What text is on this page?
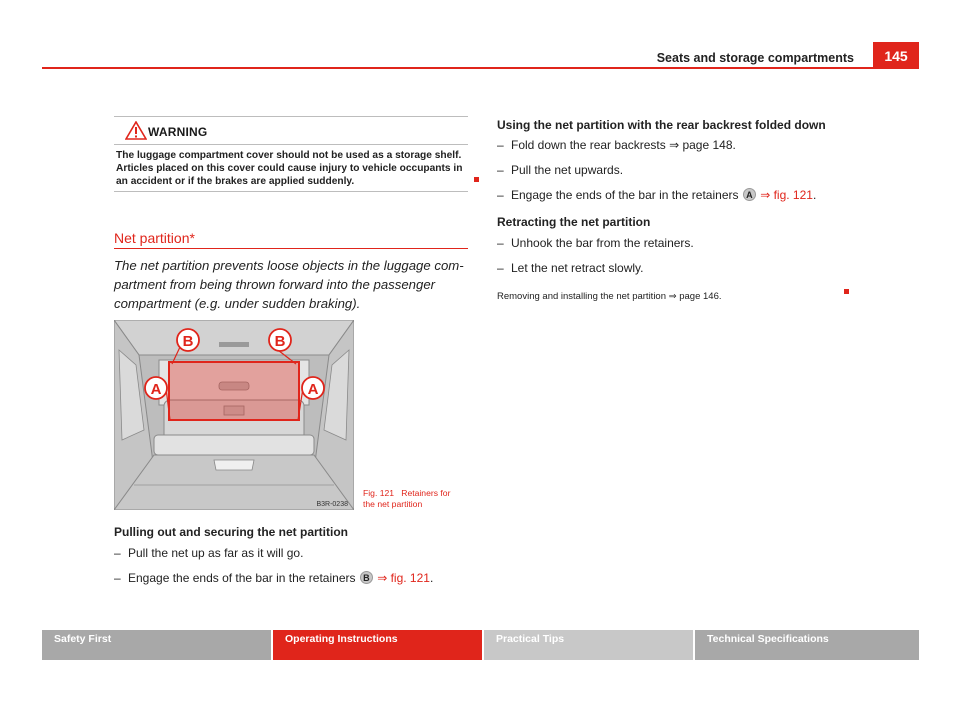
Seats and storage compartments	145
WARNING
The luggage compartment cover should not be used as a storage shelf. Articles placed on this cover could cause injury to vehicle occupants in an accident or if the brakes are applied suddenly.
Net partition*
The net partition prevents loose objects in the luggage com-partment from being thrown forward into the passenger compartment (e.g. under sudden braking).
B	B
A	A
B3R-0238
Fig. 121 Retainers for the net partition
Pulling out and securing the net partition
– Pull the net up as far as it will go.
– Engage the ends of the bar in the retainers B ⇒ fig. 121.
Using the net partition with the rear backrest folded down
– Fold down the rear backrests ⇒ page 148.
– Pull the net upwards.
– Engage the ends of the bar in the retainers A ⇒ fig. 121.
Retracting the net partition
– Unhook the bar from the retainers.
– Let the net retract slowly.
Removing and installing the net partition ⇒ page 146.
Safety First	Operating Instructions	Practical Tips	Technical Specifications
